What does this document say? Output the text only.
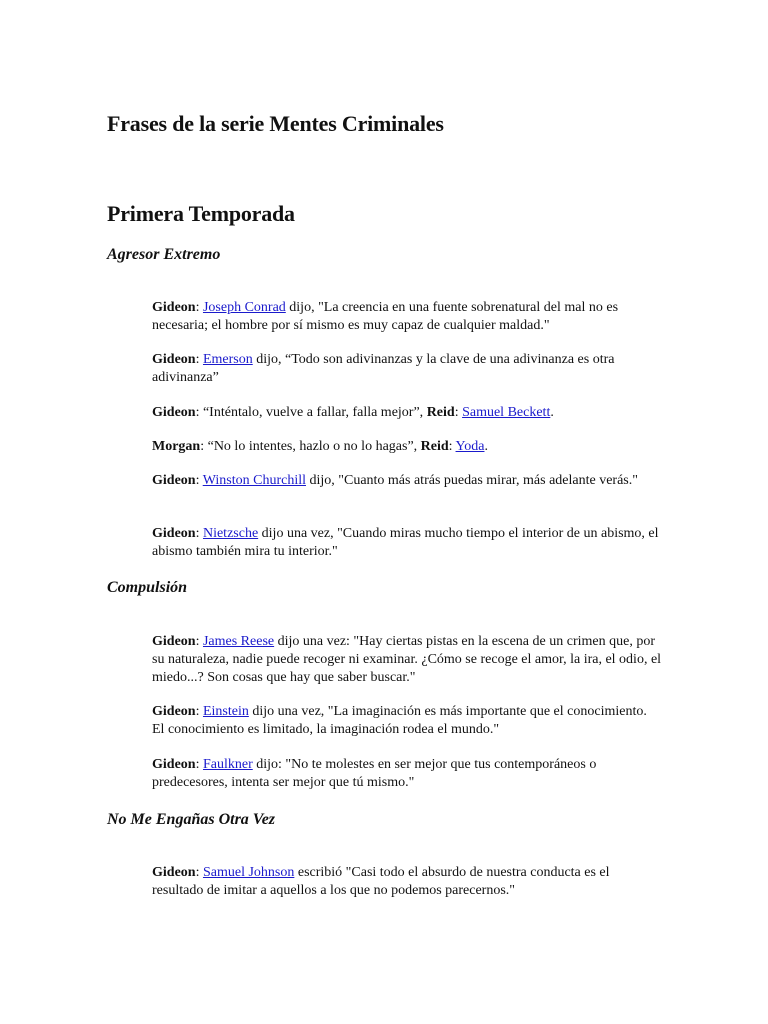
Frases de la serie Mentes Criminales
Primera Temporada
Agresor Extremo

Gideon: Joseph Conrad dijo, "La creencia en una fuente sobrenatural del mal no es necesaria; el hombre por sí mismo es muy capaz de cualquier maldad."

Gideon: Emerson dijo, “Todo son adivinanzas y la clave de una adivinanza es otra adivinanza”

Gideon: “Inténtalo, vuelve a fallar, falla mejor”, Reid: Samuel Beckett.

Morgan: “No lo intentes, hazlo o no lo hagas”, Reid: Yoda.

Gideon: Winston Churchill dijo, "Cuanto más atrás puedas mirar, más adelante verás."

Gideon: Nietzsche dijo una vez, "Cuando miras mucho tiempo el interior de un abismo, el abismo también mira tu interior."

Compulsión

Gideon: James Reese dijo una vez: "Hay ciertas pistas en la escena de un crimen que, por su naturaleza, nadie puede recoger ni examinar. ¿Cómo se recoge el amor, la ira, el odio, el miedo...? Son cosas que hay que saber buscar."

Gideon: Einstein dijo una vez, "La imaginación es más importante que el conocimiento. El conocimiento es limitado, la imaginación rodea el mundo."

Gideon: Faulkner dijo: "No te molestes en ser mejor que tus contemporáneos o predecesores, intenta ser mejor que tú mismo."

No Me Engañas Otra Vez

Gideon: Samuel Johnson escribió "Casi todo el absurdo de nuestra conducta es el resultado de imitar a aquellos a los que no podemos parecernos."
